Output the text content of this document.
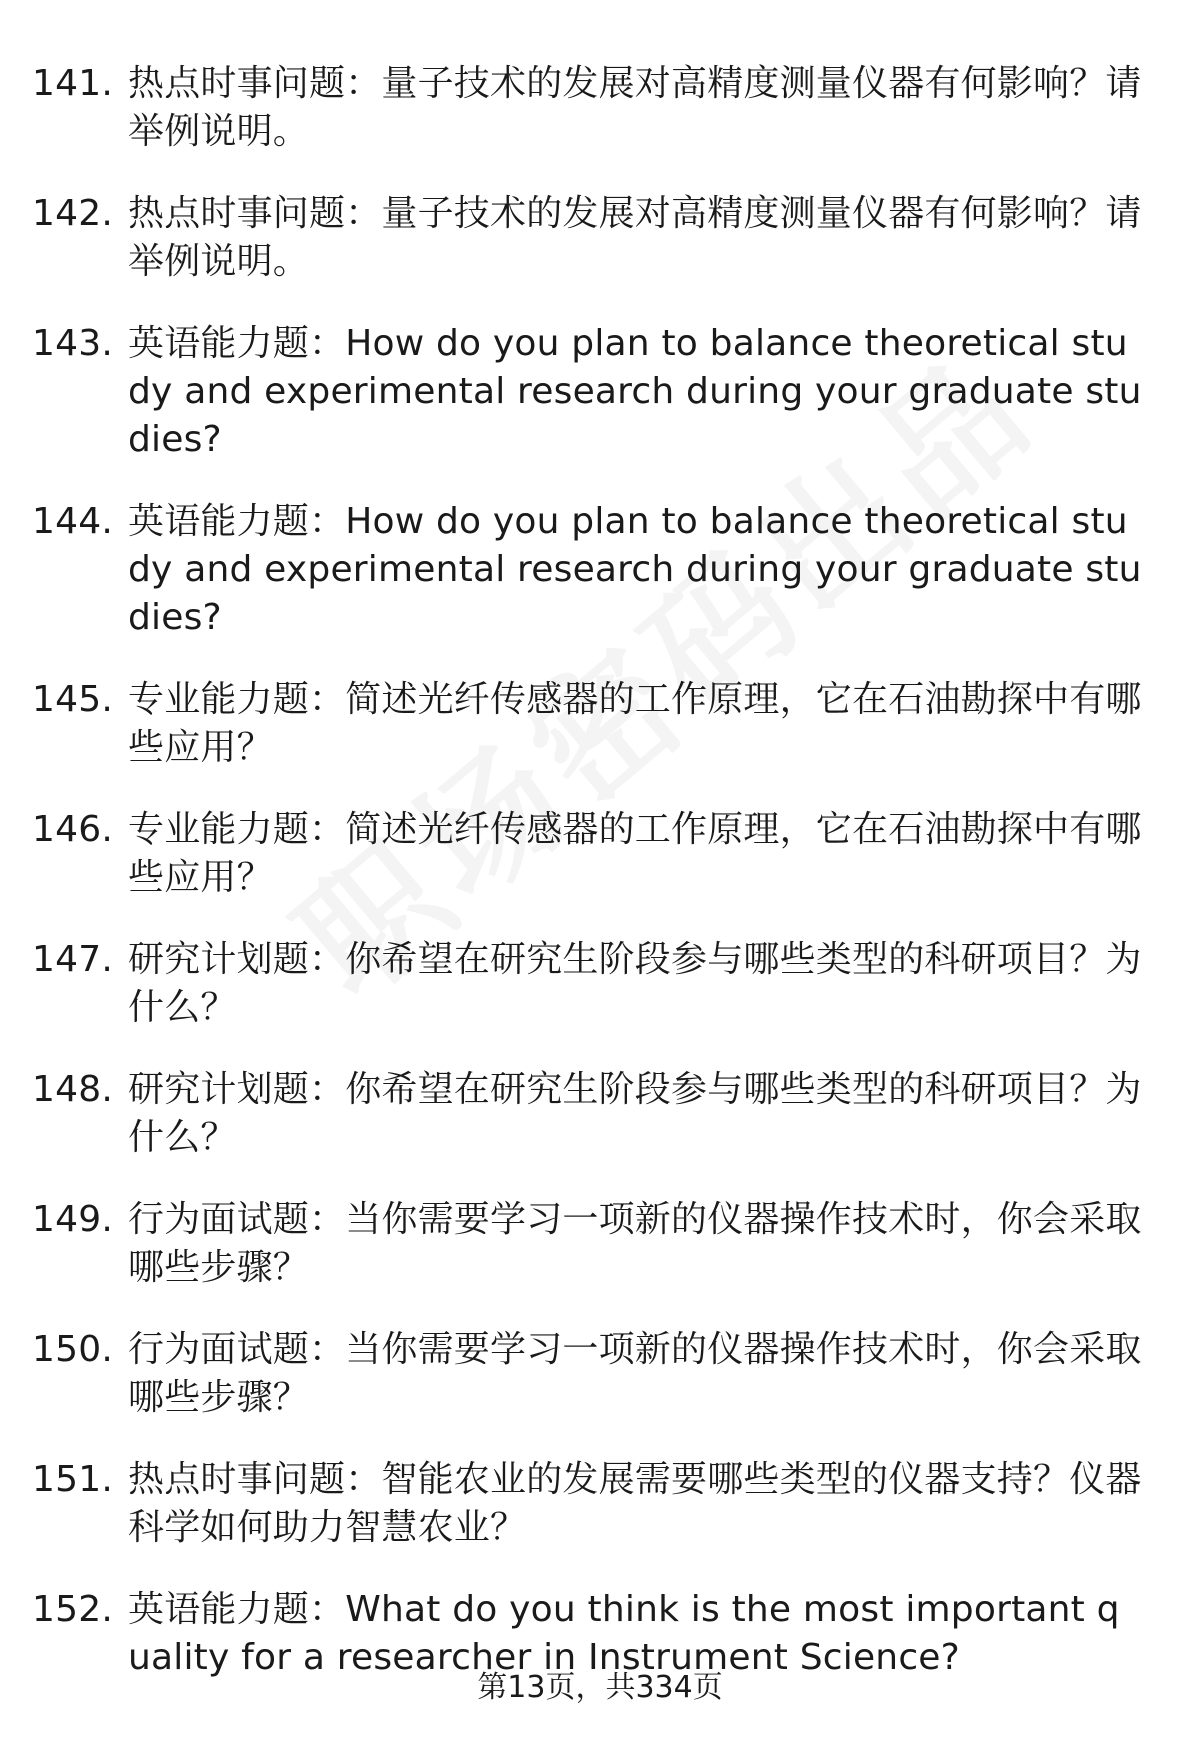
141. 热点时事问题：量子技术的发展对高精度测量仪器有何影响？请举例说明。
142. 热点时事问题：量子技术的发展对高精度测量仪器有何影响？请举例说明。
143. 英语能力题：How do you plan to balance theoretical study and experimental research during your graduate studies?
144. 英语能力题：How do you plan to balance theoretical study and experimental research during your graduate studies?
145. 专业能力题：简述光纤传感器的工作原理，它在石油勘探中有哪些应用？
146. 专业能力题：简述光纤传感器的工作原理，它在石油勘探中有哪些应用？
147. 研究计划题：你希望在研究生阶段参与哪些类型的科研项目？为什么？
148. 研究计划题：你希望在研究生阶段参与哪些类型的科研项目？为什么？
149. 行为面试题：当你需要学习一项新的仪器操作技术时，你会采取哪些步骤？
150. 行为面试题：当你需要学习一项新的仪器操作技术时，你会采取哪些步骤？
151. 热点时事问题：智能农业的发展需要哪些类型的仪器支持？仪器科学如何助力智慧农业？
152. 英语能力题：What do you think is the most important quality for a researcher in Instrument Science?
第13页，共334页
